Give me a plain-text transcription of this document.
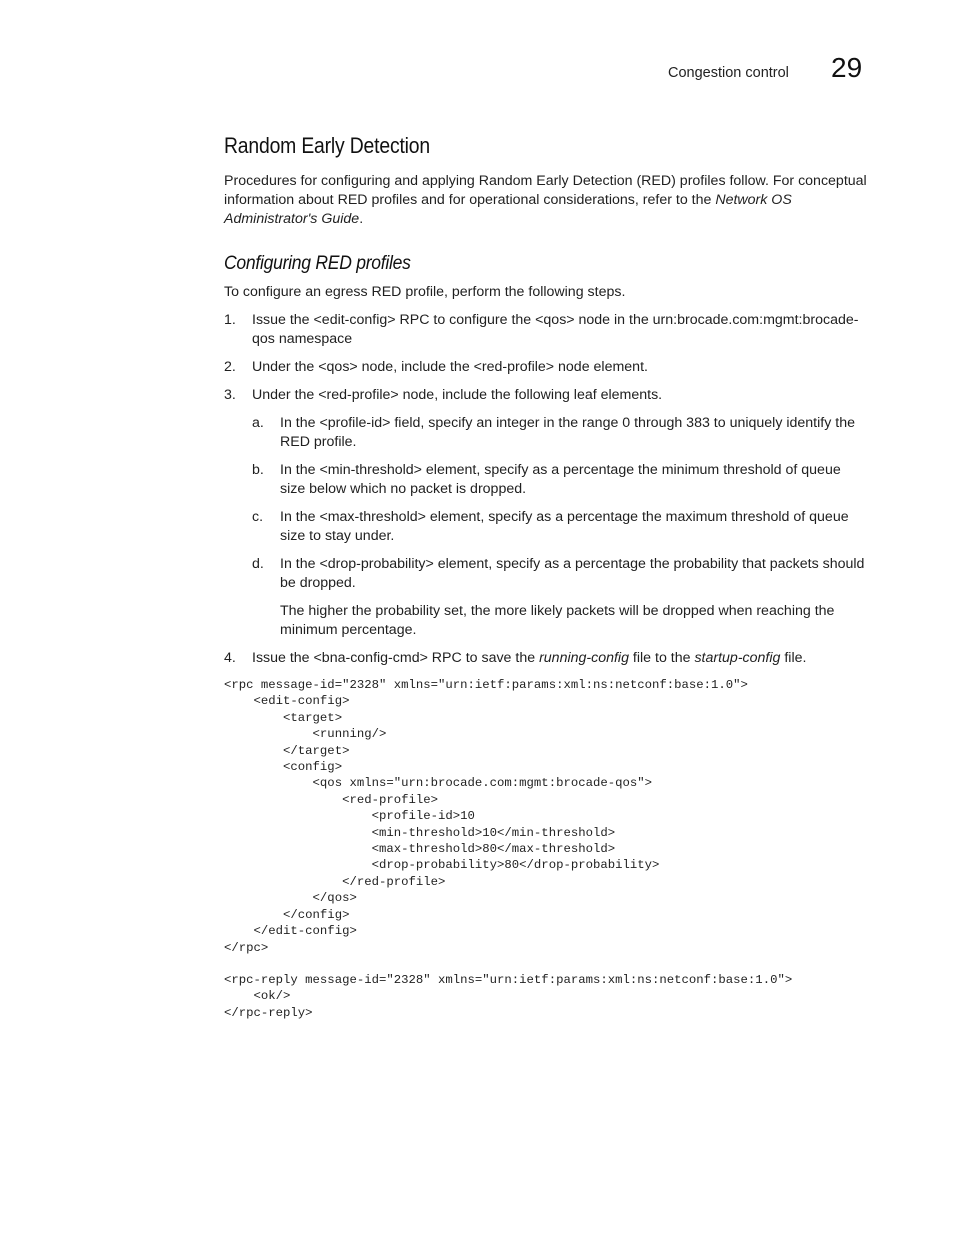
Congestion control 29
Random Early Detection

Procedures for configuring and applying Random Early Detection (RED) profiles follow. For conceptual information about RED profiles and for operational considerations, refer to the Network OS Administrator's Guide.

Configuring RED profiles

To configure an egress RED profile, perform the following steps.

1. Issue the <edit-config> RPC to configure the <qos> node in the urn:brocade.com:mgmt:brocade-qos namespace

2. Under the <qos> node, include the <red-profile> node element.

3. Under the <red-profile> node, include the following leaf elements.

a. In the <profile-id> field, specify an integer in the range 0 through 383 to uniquely identify the RED profile.

b. In the <min-threshold> element, specify as a percentage the minimum threshold of queue size below which no packet is dropped.

c. In the <max-threshold> element, specify as a percentage the maximum threshold of queue size to stay under.

d. In the <drop-probability> element, specify as a percentage the probability that packets should be dropped.

The higher the probability set, the more likely packets will be dropped when reaching the minimum percentage.

4. Issue the <bna-config-cmd> RPC to save the running-config file to the startup-config file.

<rpc message-id="2328" xmlns="urn:ietf:params:xml:ns:netconf:base:1.0">
<edit-config>
<target>
<running/>
</target>
<config>
<qos xmlns="urn:brocade.com:mgmt:brocade-qos">
<red-profile>
<profile-id>10
<min-threshold>10</min-threshold>
<max-threshold>80</max-threshold>
<drop-probability>80</drop-probability>
</red-profile>
</qos>
</config>
</edit-config>
</rpc>
<rpc-reply message-id="2328" xmlns="urn:ietf:params:xml:ns:netconf:base:1.0">
<ok/>
</rpc-reply>
